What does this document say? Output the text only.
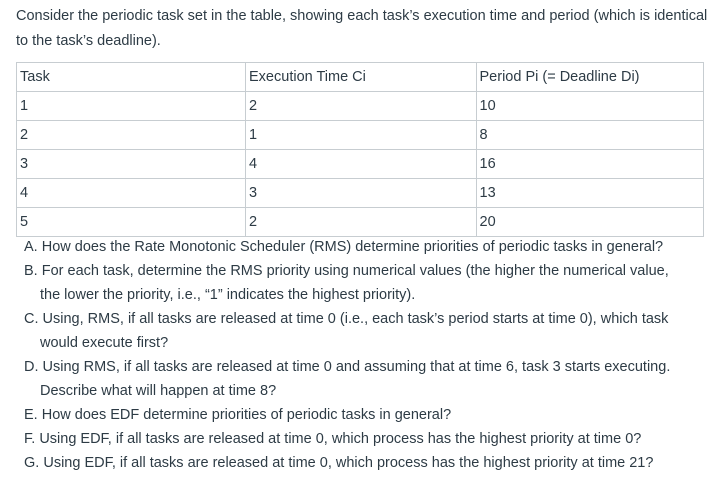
Consider the periodic task set in the table, showing each task’s execution time and period (which is identical to the task’s deadline).

Task	Execution Time Ci	Period Pi (= Deadline Di)
1	2	10
2	1	8
3	4	16
4	3	13
5	2	20
A. How does the Rate Monotonic Scheduler (RMS) determine priorities of periodic tasks in general?
B. For each task, determine the RMS priority using numerical values (the higher the numerical value,
the lower the priority, i.e., “1” indicates the highest priority).
C. Using, RMS, if all tasks are released at time 0 (i.e., each task’s period starts at time 0), which task
would execute first?
D. Using RMS, if all tasks are released at time 0 and assuming that at time 6, task 3 starts executing.
Describe what will happen at time 8?
E. How does EDF determine priorities of periodic tasks in general?
F. Using EDF, if all tasks are released at time 0, which process has the highest priority at time 0?
G. Using EDF, if all tasks are released at time 0, which process has the highest priority at time 21?
